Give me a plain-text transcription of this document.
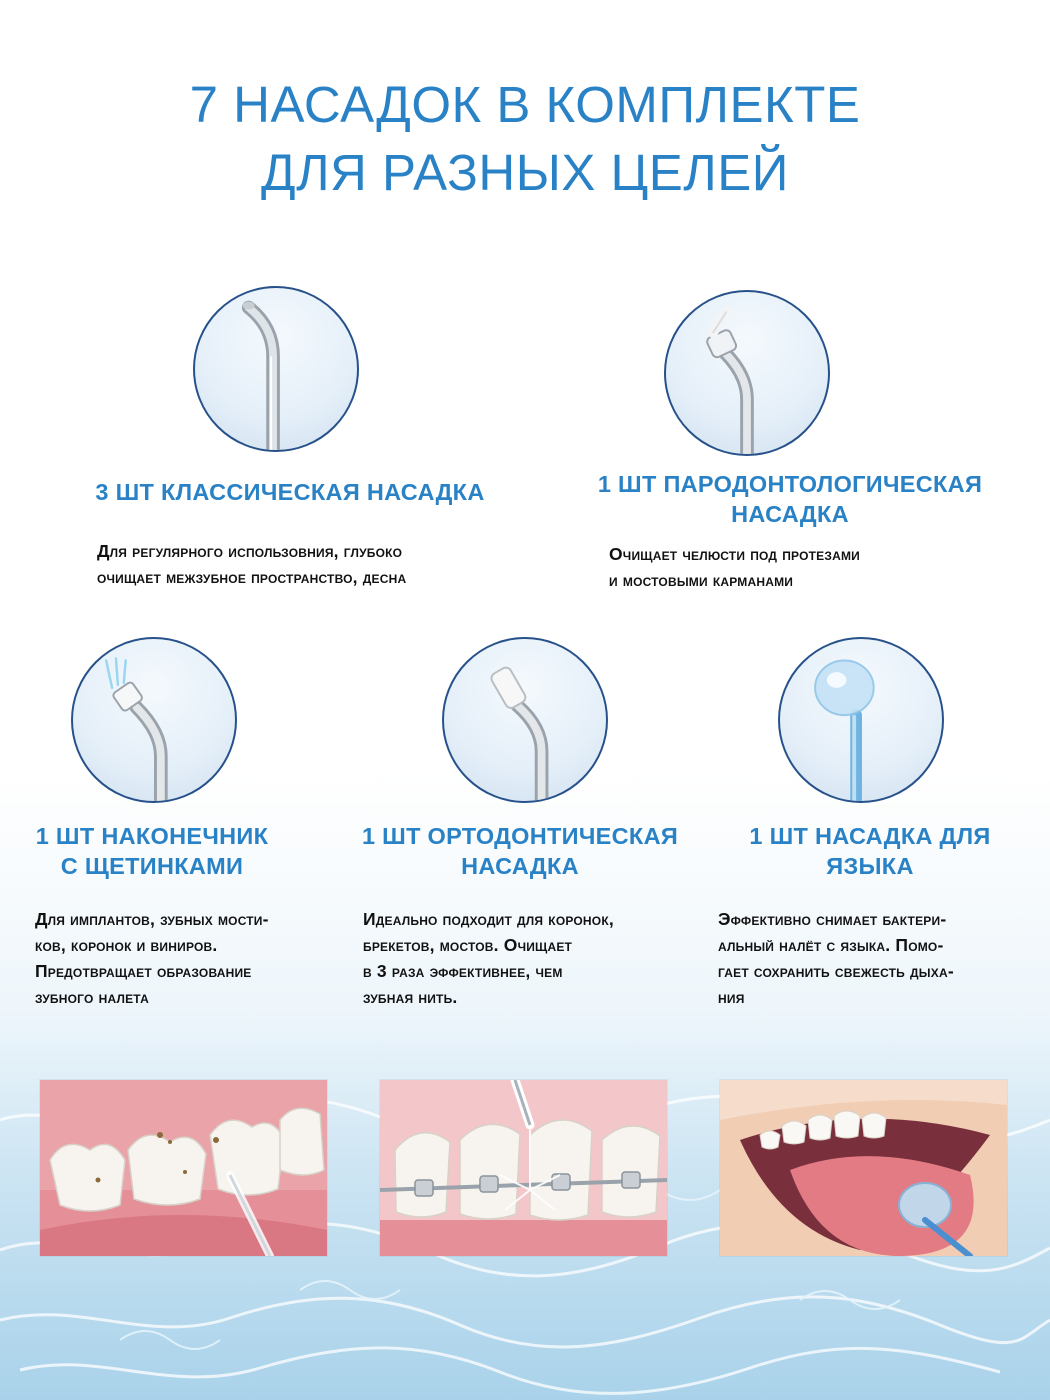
7 НАСАДОК В КОМПЛЕКТЕ
ДЛЯ РАЗНЫХ ЦЕЛЕЙ
3 ШТ КЛАССИЧЕСКАЯ НАСАДКА	1 ШТ ПАРОДОНТОЛОГИЧЕСКАЯ
НАСАДКА
Для регулярного использовния, глубоко
очищает межзубное пространство, десна
Очищает челюсти под протезами
и мостовыми карманами
1 ШТ НАКОНЕЧНИК
С ЩЕТИНКАМИ
1 ШТ ОРТОДОНТИЧЕСКАЯ
НАСАДКА
1 ШТ НАСАДКА ДЛЯ
ЯЗЫКА
Для имплантов, зубных мости-
ков, коронок и виниров.
Предотвращает образование
зубного налета
Идеально подходит для коронок,
брекетов, мостов. Очищает
в 3 раза эффективнее, чем
зубная нить.
Эффективно снимает бактери-
альный налёт с языка. Помо-
гает сохранить свежесть дыха-
ния
